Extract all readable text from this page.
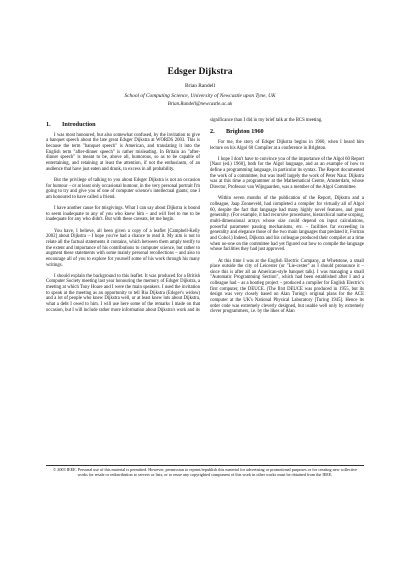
Edsger Dijkstra
Brian Randell
School of Computing Science, University of Newcastle upon Tyne, UK
Brian.Randell@newcastle.ac.uk
1. Introduction

I was most honoured, but also somewhat confused, by the invitation to give a banquet speech about the late great Edsger Dijkstra at WORDS 2003. This is because the term "banquet speech" is American, and translating it into the English term "after-dinner speech" is rather misleading. In Britain an "after-dinner speech" is meant to be, above all, humorous, so as to be capable of entertaining, and retaining at least the attention, if not the enthusiasm, of an audience that have just eaten and drunk, to excess in all probability.

But the privilege of talking to you about Edsger Dijkstra is not an occasion for humour – or at least only occasional humour, in the very personal portrait I'm going to try and give you of one of computer science's intellectual giants; one I am honoured to have called a friend.

I have another cause for misgivings. What I can say about Dijkstra is bound to seem inadequate to any of you who knew him – and will feel to me to be inadequate for any who didn't. But with these caveats, let me begin.

You have, I believe, all been given a copy of a leaflet [Campbell-Kelly 2002] about Dijkstra – I hope you've had a chance to read it. My aim is not to relate all the factual statements it contains, which between them amply testify to the extent and importance of his contributions to computer science, but rather to augment these statements with some mainly personal recollections – and also to encourage all of you to explore for yourself some of his work through his many writings.

I should explain the background to this leaflet. It was produced for a British Computer Society meeting last year honouring the memory of Edsger Dijkstra, a meeting at which Tony Hoare and I were the main speakers. I used the invitation to speak at the meeting as an opportunity to tell Ria Dijkstra (Edsger's widow) and a lot of people who knew Dijkstra well, or at least knew lots about Dijkstra, what a debt I owed to him. I will use here some of the remarks I made on that occasion, but I will include rather more information about Dijkstra's work and its

significance than I did in my brief talk at the BCS meeting.

2. Brighton 1960

For me, the story of Edsger Dijkstra begins in 1960, when I heard him lecture on his Algol 60 Compiler at a conference in Brighton.

I hope I don't have to convince you of the importance of the Algol 60 Report [Naur (ed.) 1960], both for the Algol language, and as an example of how to define a programming language, in particular its syntax. The Report documented the work of a committee, but was itself largely the work of Peter Naur. Dijkstra was at this time a programmer at the Mathematical Centre, Amsterdam, whose Director, Professor van Wijngaarden, was a member of the Algol Committee.

Within seven months of the publication of the Report, Dijkstra and a colleague, Jaap Zonneveld, had completed a compiler for virtually all of Algol 60, despite the fact that language had many highly novel features, and great generality. (For example, it had recursive procedures, hierarchical name scoping, multi-dimensional arrays whose size could depend on input calculations, powerful parameter passing mechanisms, etc. – facilities far exceeding in generality and elegance those of the two main languages that predated it, Fortran and Cobol.) Indeed, Dijkstra and his colleague produced their compiler at a time when no-one on the committee had yet figured out how to compile the language whose facilities they had just approved.

At this time I was at the English Electric Company, at Whetstone, a small place outside the city of Leicester (or "Lie-cester" as I should pronounce it – since this is after all an American-style banquet talk). I was managing a small "Automatic Programming Section", which had been established after I and a colleague had – as a bootleg project – produced a compiler for English Electric's first computer, the DEUCE. (The first DEUCE was produced in 1955, but its design was very closely based on Alan Turing's original plans for the ACE computer at the UK's National Physical Laboratory [Turing 1945]. Hence its order code was extremely cleverly designed, but usable well only by extremely clever programmers, i.e. by the likes of Alan

© 2003 IEEE. Personal use of this material is permitted. However, permission to reprint/republish this material for advertising or promotional purposes or for creating new collective works for resale or redistribution to servers or lists, or to reuse any copyrighted component of this work in other works must be obtained from the IEEE.
